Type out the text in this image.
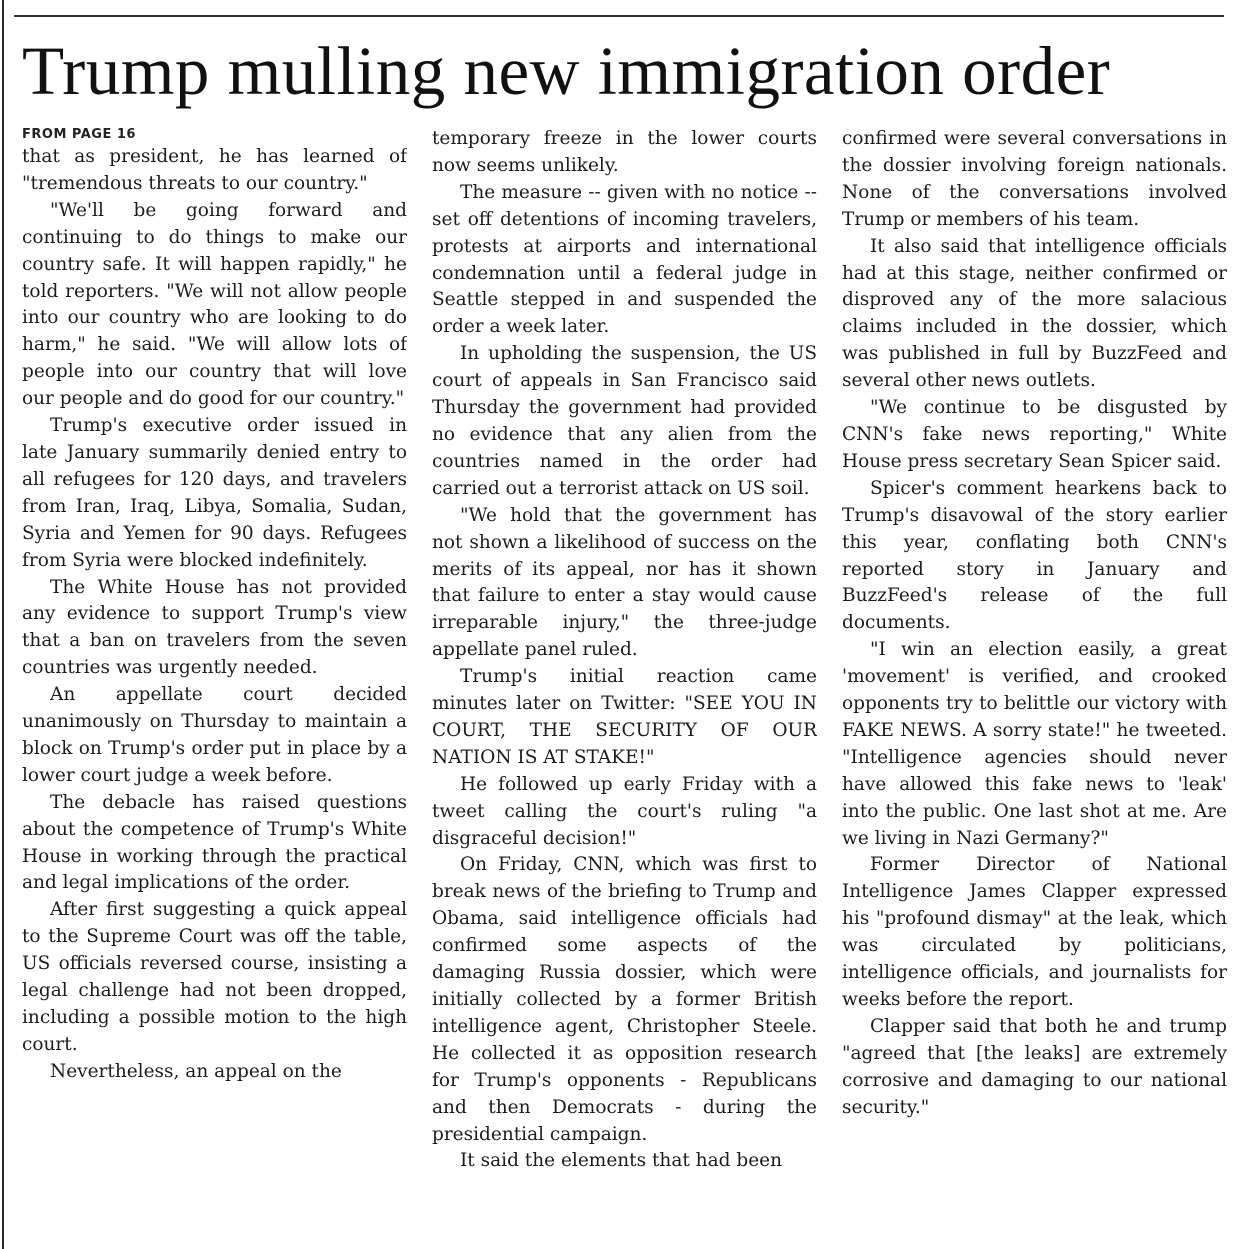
Trump mulling new immigration order
FROM PAGE 16

that as president, he has learned of "tremendous threats to our country."

"We'll be going forward and continuing to do things to make our country safe. It will happen rapidly," he told reporters. "We will not allow people into our country who are looking to do harm," he said. "We will allow lots of people into our country that will love our people and do good for our country."

Trump's executive order issued in late January summarily denied entry to all refugees for 120 days, and travelers from Iran, Iraq, Libya, Somalia, Sudan, Syria and Yemen for 90 days. Refugees from Syria were blocked indefinitely.

The White House has not provided any evidence to support Trump's view that a ban on travelers from the seven countries was urgently needed.

An appellate court decided unanimously on Thursday to maintain a block on Trump's order put in place by a lower court judge a week before.

The debacle has raised questions about the competence of Trump's White House in working through the practical and legal implications of the order.

After first suggesting a quick appeal to the Supreme Court was off the table, US officials reversed course, insisting a legal challenge had not been dropped, including a possible motion to the high court.

Nevertheless, an appeal on the

temporary freeze in the lower courts now seems unlikely.

The measure -- given with no notice -- set off detentions of incoming travelers, protests at airports and international condemnation until a federal judge in Seattle stepped in and suspended the order a week later.

In upholding the suspension, the US court of appeals in San Francisco said Thursday the government had provided no evidence that any alien from the countries named in the order had carried out a terrorist attack on US soil.

"We hold that the government has not shown a likelihood of success on the merits of its appeal, nor has it shown that failure to enter a stay would cause irreparable injury," the three-judge appellate panel ruled.

Trump's initial reaction came minutes later on Twitter: "SEE YOU IN COURT, THE SECURITY OF OUR NATION IS AT STAKE!"

He followed up early Friday with a tweet calling the court's ruling "a disgraceful decision!"

On Friday, CNN, which was first to break news of the briefing to Trump and Obama, said intelligence officials had confirmed some aspects of the damaging Russia dossier, which were initially collected by a former British intelligence agent, Christopher Steele. He collected it as opposition research for Trump's opponents - Republicans and then Democrats - during the presidential campaign.

It said the elements that had been

confirmed were several conversations in the dossier involving foreign nationals. None of the conversations involved Trump or members of his team.

It also said that intelligence officials had at this stage, neither confirmed or disproved any of the more salacious claims included in the dossier, which was published in full by BuzzFeed and several other news outlets.

"We continue to be disgusted by CNN's fake news reporting," White House press secretary Sean Spicer said.

Spicer's comment hearkens back to Trump's disavowal of the story earlier this year, conflating both CNN's reported story in January and BuzzFeed's release of the full documents.

"I win an election easily, a great 'movement' is verified, and crooked opponents try to belittle our victory with FAKE NEWS. A sorry state!" he tweeted. "Intelligence agencies should never have allowed this fake news to 'leak' into the public. One last shot at me. Are we living in Nazi Germany?"

Former Director of National Intelligence James Clapper expressed his "profound dismay" at the leak, which was circulated by politicians, intelligence officials, and journalists for weeks before the report.

Clapper said that both he and trump "agreed that [the leaks] are extremely corrosive and damaging to our national security."
